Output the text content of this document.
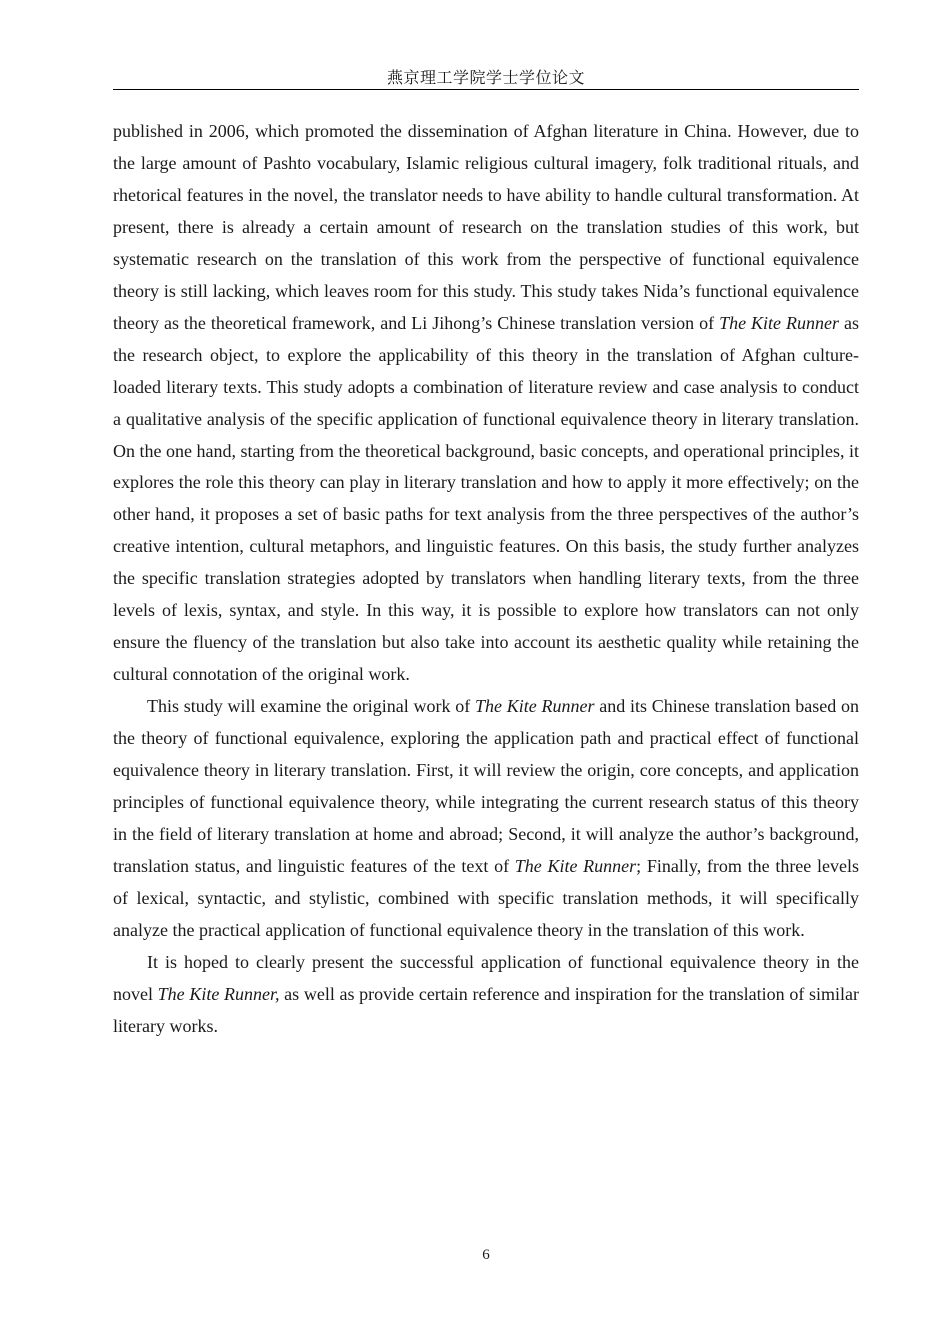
燕京理工学院学士学位论文

published in 2006, which promoted the dissemination of Afghan literature in China. However, due to the large amount of Pashto vocabulary, Islamic religious cultural imagery, folk traditional rituals, and rhetorical features in the novel, the translator needs to have ability to handle cultural transformation. At present, there is already a certain amount of research on the translation studies of this work, but systematic research on the translation of this work from the perspective of functional equivalence theory is still lacking, which leaves room for this study. This study takes Nida’s functional equivalence theory as the theoretical framework, and Li Jihong’s Chinese translation version of The Kite Runner as the research object, to explore the applicability of this theory in the translation of Afghan culture-loaded literary texts. This study adopts a combination of literature review and case analysis to conduct a qualitative analysis of the specific application of functional equivalence theory in literary translation. On the one hand, starting from the theoretical background, basic concepts, and operational principles, it explores the role this theory can play in literary translation and how to apply it more effectively; on the other hand, it proposes a set of basic paths for text analysis from the three perspectives of the author’s creative intention, cultural metaphors, and linguistic features. On this basis, the study further analyzes the specific translation strategies adopted by translators when handling literary texts, from the three levels of lexis, syntax, and style. In this way, it is possible to explore how translators can not only ensure the fluency of the translation but also take into account its aesthetic quality while retaining the cultural connotation of the original work.

This study will examine the original work of The Kite Runner and its Chinese translation based on the theory of functional equivalence, exploring the application path and practical effect of functional equivalence theory in literary translation. First, it will review the origin, core concepts, and application principles of functional equivalence theory, while integrating the current research status of this theory in the field of literary translation at home and abroad; Second, it will analyze the author’s background, translation status, and linguistic features of the text of The Kite Runner; Finally, from the three levels of lexical, syntactic, and stylistic, combined with specific translation methods, it will specifically analyze the practical application of functional equivalence theory in the translation of this work.

It is hoped to clearly present the successful application of functional equivalence theory in the novel The Kite Runner, as well as provide certain reference and inspiration for the translation of similar literary works.

6
